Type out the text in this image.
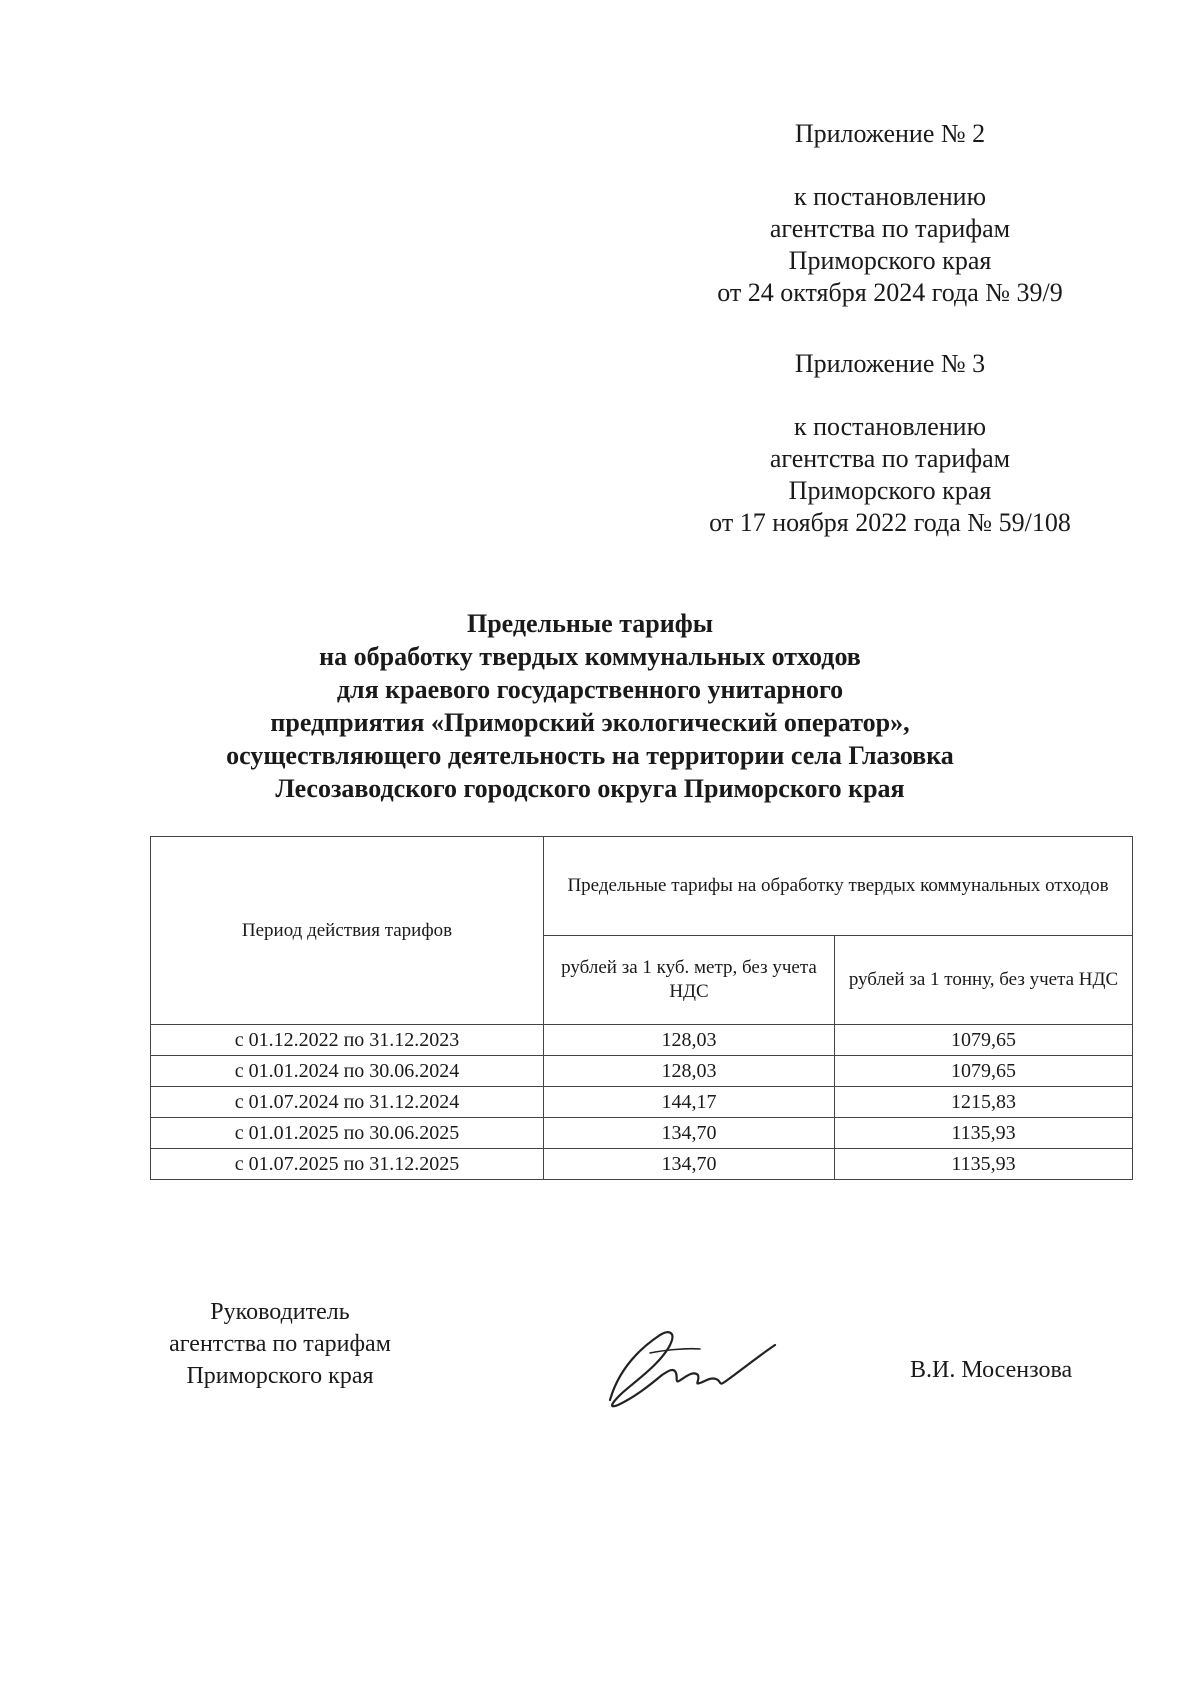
Приложение № 2
к постановлению
агентства по тарифам
Приморского края
от 24 октября 2024 года № 39/9
Приложение № 3
к постановлению
агентства по тарифам
Приморского края
от 17 ноября 2022 года № 59/108
Предельные тарифы
на обработку твердых коммунальных отходов
для краевого государственного унитарного
предприятия «Приморский экологический оператор»,
осуществляющего деятельность на территории села Глазовка
Лесозаводского городского округа Приморского края
Период действия тарифов	Предельные тарифы на обработку твердых коммунальных отходов	
	рублей за 1 куб. метр, без учета НДС	рублей за 1 тонну, без учета НДС
с 01.12.2022 по 31.12.2023	128,03	1079,65
с 01.01.2024 по 30.06.2024	128,03	1079,65
с 01.07.2024 по 31.12.2024	144,17	1215,83
с 01.01.2025 по 30.06.2025	134,70	1135,93
с 01.07.2025 по 31.12.2025	134,70	1135,93
Руководитель
агентства по тарифам
Приморского края	В.И. Мосензова
